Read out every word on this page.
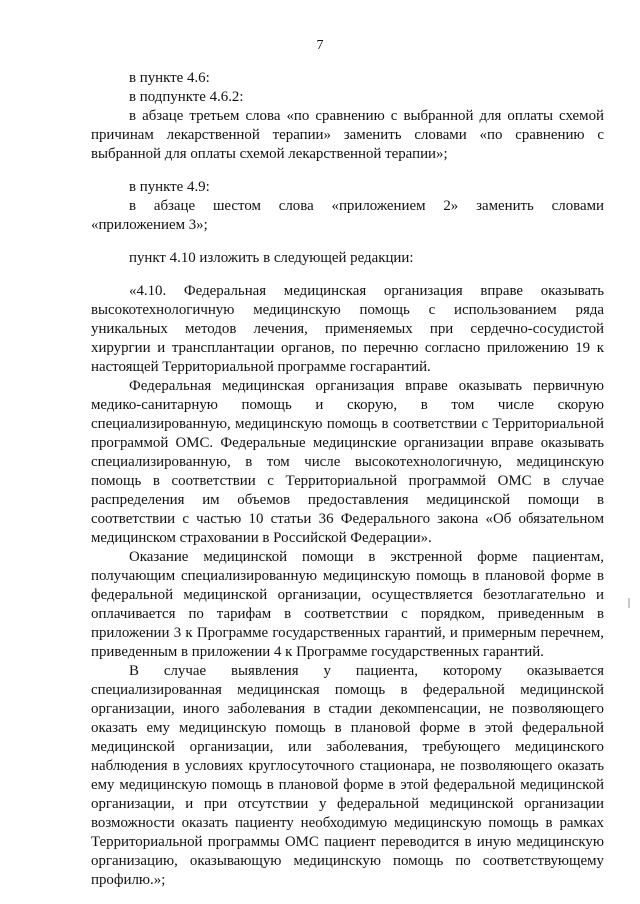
7
в пункте 4.6:
в подпункте 4.6.2:
в абзаце третьем слова «по сравнению с выбранной для оплаты схемой
причинам лекарственной терапии» заменить словами «по сравнению с
выбранной для оплаты схемой лекарственной терапии»;
в пункте 4.9:
в абзаце шестом слова «приложением 2» заменить словами
«приложением 3»;
пункт 4.10 изложить в следующей редакции:
«4.10. Федеральная медицинская организация вправе оказывать
высокотехнологичную медицинскую помощь с использованием ряда
уникальных методов лечения, применяемых при сердечно-сосудистой
хирургии и трансплантации органов, по перечню согласно приложению 19 к
настоящей Территориальной программе госгарантий.
Федеральная медицинская организация вправе оказывать первичную
медико-санитарную помощь и скорую, в том числе скорую
специализированную, медицинскую помощь в соответствии с Территориальной
программой ОМС. Федеральные медицинские организации вправе оказывать
специализированную, в том числе высокотехнологичную, медицинскую
помощь в соответствии с Территориальной программой ОМС в случае
распределения им объемов предоставления медицинской помощи в
соответствии с частью 10 статьи 36 Федерального закона «Об обязательном
медицинском страховании в Российской Федерации».
Оказание медицинской помощи в экстренной форме пациентам,
получающим специализированную медицинскую помощь в плановой форме в
федеральной медицинской организации, осуществляется безотлагательно и
оплачивается по тарифам в соответствии с порядком, приведенным в
приложении 3 к Программе государственных гарантий, и примерным перечнем,
приведенным в приложении 4 к Программе государственных гарантий.
В случае выявления у пациента, которому оказывается
специализированная медицинская помощь в федеральной медицинской
организации, иного заболевания в стадии декомпенсации, не позволяющего
оказать ему медицинскую помощь в плановой форме в этой федеральной
медицинской организации, или заболевания, требующего медицинского
наблюдения в условиях круглосуточного стационара, не позволяющего оказать
ему медицинскую помощь в плановой форме в этой федеральной медицинской
организации, и при отсутствии у федеральной медицинской организации
возможности оказать пациенту необходимую медицинскую помощь в рамках
Территориальной программы ОМС пациент переводится в иную медицинскую
организацию, оказывающую медицинскую помощь по соответствующему
профилю.»;
